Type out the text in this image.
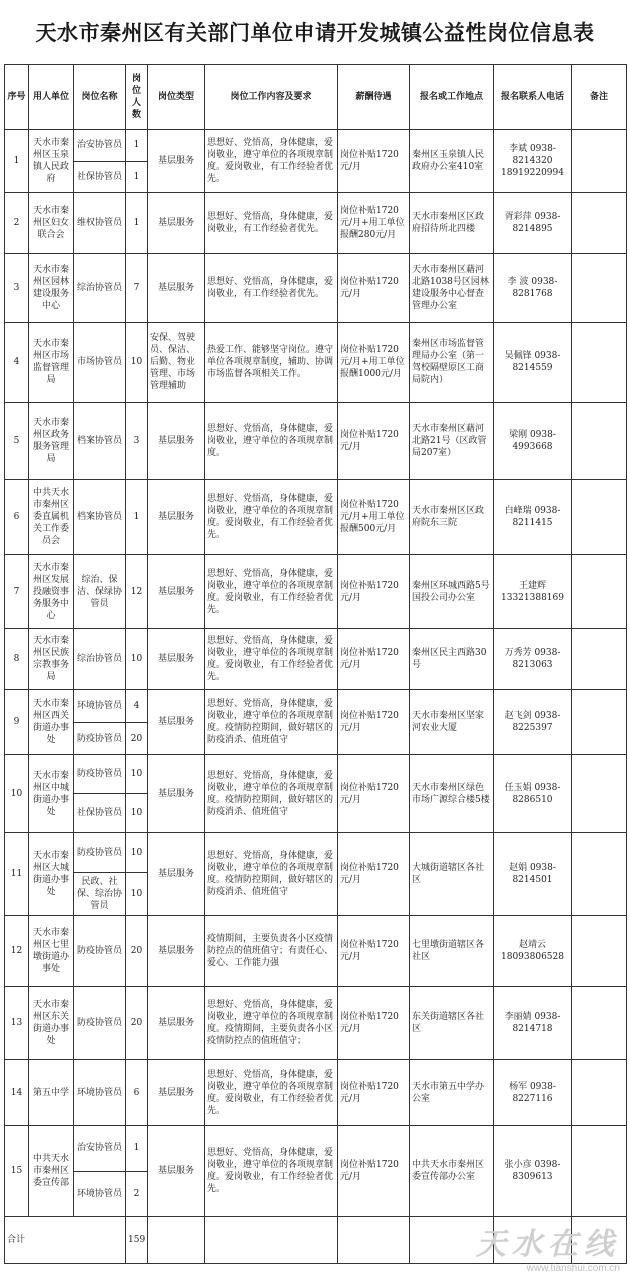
天水市秦州区有关部门单位申请开发城镇公益性岗位信息表
序号	用人单位	岗位名称	岗位人数	岗位类型	岗位工作内容及要求	薪酬待遇	报名或工作地点	报名联系人电话	备注
1	天水市秦州区玉泉镇人民政府	治安协管员	1	基层服务	思想好、党悟高，身体健康，爱岗敬业，遵守单位的各项规章制度。爱岗敬业，有工作经验者优先。	岗位补贴1720元/月	秦州区玉泉镇人民政府办公室410室	李斌 0938-8214320 18919220994	
		社保协管员	1						
2	天水市秦州区妇女联合会	维权协管员	1	基层服务	思想好、党悟高，身体健康，爱岗敬业，有工作经验者优先。	岗位补贴1720元/月+用工单位报酬280元/月	天水市秦州区区政府招待所北四楼	胥彩萍 0938-8214895	
3	天水市秦州区园林建设服务中心	综治协管员	7	基层服务	思想好、党悟高，身体健康，爱岗敬业，有工作经验者优先。	岗位补贴1720元/月	天水市秦州区藉河北路1038号区园林建设服务中心督查管理办公室	李 波 0938-8281768	
4	天水市秦州区市场监督管理局	市场协管员	10	安保、驾驶员、保洁、后勤、物业管理、市场管理辅助	热爱工作、能够坚守岗位。遵守单位各项规章制度，辅助、协调市场监督各项相关工作。	岗位补贴1720元/月+用工单位报酬1000元/月	秦州区市场监督管理局办公室（第一驾校隔壁原区工商局院内）	吴佩锋 0938-8214559	
5	天水市秦州区政务服务管理局	档案协管员	3	基层服务	思想好、党悟高，身体健康，爱岗敬业，遵守单位的各项规章制度。	岗位补贴1720元/月	天水市秦州区藉河北路21号（区政管局207室）	梁刚 0938-4993668	
6	中共天水市秦州区委直属机关工作委员会	档案协管员	1	基层服务	思想好、党悟高，身体健康，爱岗敬业，遵守单位的各项规章制度。爱岗敬业，有工作经验者优先。	岗位补贴1720元/月+用工单位报酬500元/月	天水市秦州区区政府院东三院	白峰瑞 0938-8211415	
7	天水市秦州区发展投融资事务服务中心	综治、保洁、保绿协管员	12	基层服务	思想好、党悟高，身体健康，爱岗敬业，遵守单位的各项规章制度。爱岗敬业，有工作经验者优先。	岗位补贴1720元/月	秦州区环城西路5号国投公司办公室	王建辉 13321388169	
8	天水市秦州区民族宗教事务局	综治协管员	10	基层服务	思想好、党悟高，身体健康，爱岗敬业，遵守单位的各项规章制度。爱岗敬业，有工作经验者优先。	岗位补贴1720元/月	秦州区民主西路30号	万秀芳 0938-8213063	
9	天水市秦州区西关街道办事处	环境协管员	4	基层服务	思想好、党悟高，身体健康，爱岗敬业，遵守单位的各项规章制度。疫情防控期间，做好辖区的防疫消杀、值班值守	岗位补贴1720元/月	天水市秦州区坚家河农业大厦	赵飞剑 0938-8225397	
		防疫协管员	20						
10	天水市秦州区中城街道办事处	防疫协管员	10	基层服务	思想好、党悟高，身体健康，爱岗敬业，遵守单位的各项规章制度。疫情防控期间，做好辖区的防疫消杀、值班值守	岗位补贴1720元/月	天水市秦州区绿色市场广源综合楼5楼	任玉娟 0938-8286510	
		社保协管员	10						
11	天水市秦州区大城街道办事处	防疫协管员	10	基层服务	思想好、党悟高，身体健康，爱岗敬业，遵守单位的各项规章制度。疫情防控期间，做好辖区的防疫消杀、值班值守	岗位补贴1720元/月	大城街道辖区各社区	赵娟 0938-8214501	
		民政、社保、综治协管员	10						
12	天水市秦州区七里墩街道办事处	防疫协管员	20	基层服务	疫情期间，主要负责各小区疫情防控点的值班值守；有责任心、爱心、工作能力强	岗位补贴1720元/月	七里墩街道辖区各社区	赵靖云 18093806528	
13	天水市秦州区东关街道办事处	防疫协管员	20	基层服务	思想好、党悟高，身体健康，爱岗敬业，遵守单位的各项规章制度。疫情期间，主要负责各小区疫情防控点的值班值守；	岗位补贴1720元/月	东关街道辖区各社区	李丽婧 0938-8214718	
14	第五中学	环境协管员	6	基层服务	思想好、党悟高，身体健康，爱岗敬业，遵守单位的各项规章制度。爱岗敬业，有工作经验者优先。	岗位补贴1720元/月	天水市第五中学办公室	杨军 0938-8227116	
15	中共天水市秦州区委宣传部	治安协管员	1	基层服务	思想好、党悟高，身体健康，爱岗敬业，遵守单位的各项规章制度。爱岗敬业，有工作经验者优先。	岗位补贴1720元/月	中共天水市秦州区委宣传部办公室	张小彦 0398-8309613	
		环境协管员	2						
合计			159							天水在线
www.tianshui.com.cn
